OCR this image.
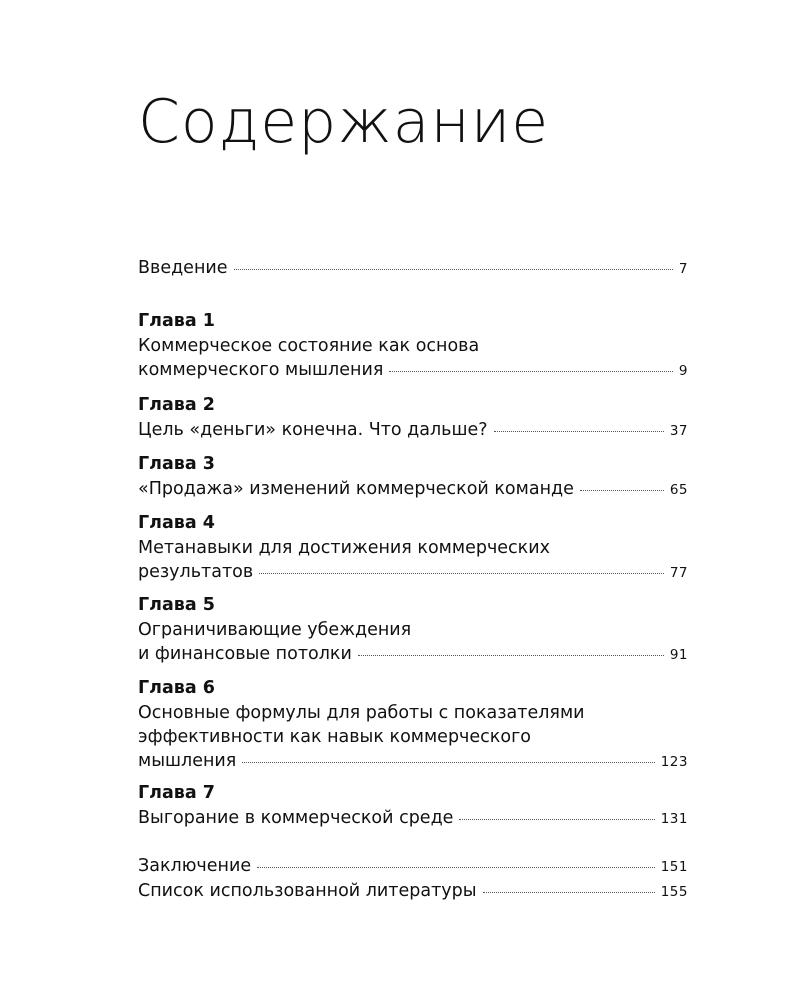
Содержание
Введение	7
Глава 1
Коммерческое состояние как основа
коммерческого мышления	9
Глава 2
Цель «деньги» конечна. Что дальше?	37
Глава 3
«Продажа» изменений коммерческой команде	65
Глава 4
Метанавыки для достижения коммерческих
результатов	77
Глава 5
Ограничивающие убеждения
и финансовые потолки	91
Глава 6
Основные формулы для работы с показателями
эффективности как навык коммерческого
мышления	123
Глава 7
Выгорание в коммерческой среде	131
Заключение	151
Список использованной литературы	155
